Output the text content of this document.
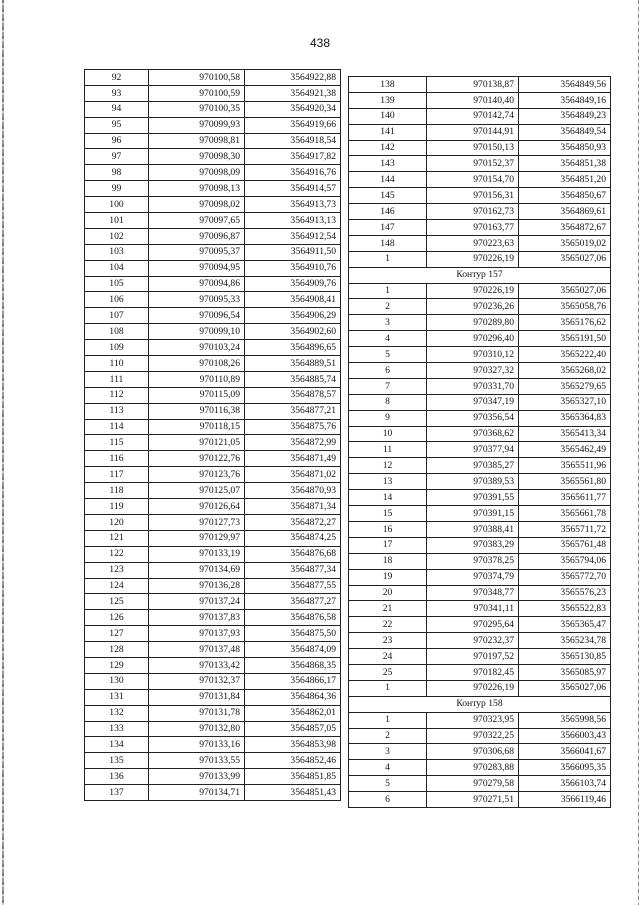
438
92	970100,58	3564922,88
93	970100,59	3564921,38
94	970100,35	3564920,34
95	970099,93	3564919,66
96	970098,81	3564918,54
97	970098,30	3564917,82
98	970098,09	3564916,76
99	970098,13	3564914,57
100	970098,02	3564913,73
101	970097,65	3564913,13
102	970096,87	3564912,54
103	970095,37	3564911,50
104	970094,95	3564910,76
105	970094,86	3564909,76
106	970095,33	3564908,41
107	970096,54	3564906,29
108	970099,10	3564902,60
109	970103,24	3564896,65
110	970108,26	3564889,51
111	970110,89	3564885,74
112	970115,09	3564878,57
113	970116,38	3564877,21
114	970118,15	3564875,76
115	970121,05	3564872,99
116	970122,76	3564871,49
117	970123,76	3564871,02
118	970125,07	3564870,93
119	970126,64	3564871,34
120	970127,73	3564872,27
121	970129,97	3564874,25
122	970133,19	3564876,68
123	970134,69	3564877,34
124	970136,28	3564877,55
125	970137,24	3564877,27
126	970137,83	3564876,58
127	970137,93	3564875,50
128	970137,48	3564874,09
129	970133,42	3564868,35
130	970132,37	3564866,17
131	970131,84	3564864,36
132	970131,78	3564862,01
133	970132,80	3564857,05
134	970133,16	3564853,98
135	970133,55	3564852,46
136	970133,99	3564851,85
137	970134,71	3564851,43
138	970138,87	3564849,56
139	970140,40	3564849,16
140	970142,74	3564849,23
141	970144,91	3564849,54
142	970150,13	3564850,93
143	970152,37	3564851,38
144	970154,70	3564851,20
145	970156,31	3564850,67
146	970162,73	3564869,61
147	970163,77	3564872,67
148	970223,63	3565019,02
1	970226,19	3565027,06
Контур 157		
1	970226,19	3565027,06
2	970236,26	3565058,76
3	970289,80	3565176,62
4	970296,40	3565191,50
5	970310,12	3565222,40
6	970327,32	3565268,02
7	970331,70	3565279,65
8	970347,19	3565327,10
9	970356,54	3565364,83
10	970368,62	3565413,34
11	970377,94	3565462,49
12	970385,27	3565511,96
13	970389,53	3565561,80
14	970391,55	3565611,77
15	970391,15	3565661,78
16	970388,41	3565711,72
17	970383,29	3565761,48
18	970378,25	3565794,06
19	970374,79	3565772,70
20	970348,77	3565576,23
21	970341,11	3565522,83
22	970295,64	3565365,47
23	970232,37	3565234,78
24	970197,52	3565130,85
25	970182,45	3565085,97
1	970226,19	3565027,06
Контур 158		
1	970323,95	3565998,56
2	970322,25	3566003,43
3	970306,68	3566041,67
4	970283,88	3566095,35
5	970279,58	3566103,74
6	970271,51	3566119,46
